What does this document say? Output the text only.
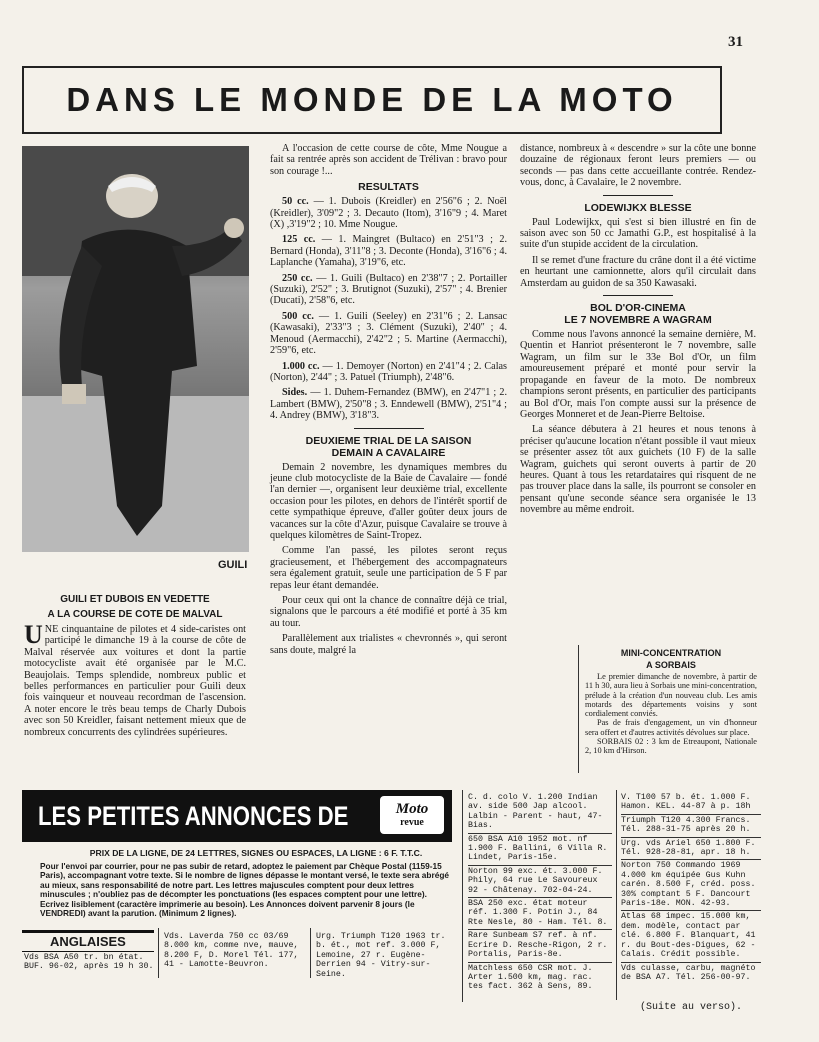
31
DANS LE MONDE DE LA MOTO
GUILI
GUILI ET DUBOIS EN VEDETTE
A LA COURSE DE COTE DE MALVAL

UNE cinquantaine de pilotes et 4 side-caristes ont participé le dimanche 19 à la course de côte de Malval réservée aux voitures et dont la partie motocycliste avait été organisée par le M.C. Beaujolais. Temps splendide, nombreux public et belles performances en particulier pour Guili deux fois vainqueur et nouveau recordman de l'ascension. A noter encore le très beau temps de Charly Dubois avec son 50 Kreidler, faisant nettement mieux que de nombreux concurrents des cylindrées supérieures.

A l'occasion de cette course de côte, Mme Nougue a fait sa rentrée après son accident de Trélivan : bravo pour son courage !...

RESULTATS

50 cc. — 1. Dubois (Kreidler) en 2'56"6 ; 2. Noël (Kreidler), 3'09"2 ; 3. Decauto (Itom), 3'16"9 ; 4. Maret (X) ,3'19"2 ; 10. Mme Nougue.

125 cc. — 1. Maingret (Bultaco) en 2'51"3 ; 2. Bernard (Honda), 3'11"8 ; 3. Deconte (Honda), 3'16"6 ; 4. Laplanche (Yamaha), 3'19"6, etc.

250 cc. — 1. Guili (Bultaco) en 2'38"7 ; 2. Portailler (Suzuki), 2'52" ; 3. Brutignot (Suzuki), 2'57" ; 4. Brenier (Ducati), 2'58"6, etc.

500 cc. — 1. Guili (Seeley) en 2'31"6 ; 2. Lansac (Kawasaki), 2'33"3 ; 3. Clément (Suzuki), 2'40" ; 4. Menoud (Aermacchi), 2'42"2 ; 5. Martine (Aermacchi), 2'59"6, etc.

1.000 cc. — 1. Demoyer (Norton) en 2'41"4 ; 2. Calas (Norton), 2'44" ; 3. Patuel (Triumph), 2'48"6.

Sides. — 1. Duhem-Fernandez (BMW), en 2'47"1 ; 2. Lambert (BMW), 2'50"8 ; 3. Enndewell (BMW), 2'51"4 ; 4. Andrey (BMW), 3'18"3.

DEUXIEME TRIAL DE LA SAISON
DEMAIN A CAVALAIRE

Demain 2 novembre, les dynamiques membres du jeune club motocycliste de la Baie de Cavalaire — fondé l'an dernier —, organisent leur deuxième trial, excellente occasion pour les pilotes, en dehors de l'intérêt sportif de cette sympathique épreuve, d'aller goûter deux jours de vacances sur la côte d'Azur, puisque Cavalaire se trouve à quelques kilomètres de Saint-Tropez.

Comme l'an passé, les pilotes seront reçus gracieusement, et l'hébergement des accompagnateurs sera également gratuit, seule une participation de 5 F par repas leur étant demandée.

Pour ceux qui ont la chance de connaître déjà ce trial, signalons que le parcours a été modifié et porté à 35 km au tour.

Parallèlement aux trialistes « chevronnés », qui seront sans doute, malgré la

distance, nombreux à « descendre » sur la côte une bonne douzaine de régionaux feront leurs premiers — ou seconds — pas dans cette accueillante contrée. Rendez-vous, donc, à Cavalaire, le 2 novembre.

LODEWIJKX BLESSE

Paul Lodewijkx, qui s'est si bien illustré en fin de saison avec son 50 cc Jamathi G.P., est hospitalisé à la suite d'un stupide accident de la circulation.

Il se remet d'une fracture du crâne dont il a été victime en heurtant une camionnette, alors qu'il circulait dans Amsterdam au guidon de sa 350 Kawasaki.

BOL D'OR-CINEMA
LE 7 NOVEMBRE A WAGRAM

Comme nous l'avons annoncé la semaine dernière, M. Quentin et Hanriot présenteront le 7 novembre, salle Wagram, un film sur le 33e Bol d'Or, un film amoureusement préparé et monté pour servir la propagande en faveur de la moto. De nombreux champions seront présents, en particulier des participants au Bol d'Or, mais l'on compte aussi sur la présence de Georges Monneret et de Jean-Pierre Beltoise.

La séance débutera à 21 heures et nous tenons à préciser qu'aucune location n'étant possible il vaut mieux se présenter assez tôt aux guichets (10 F) de la salle Wagram, guichets qui seront ouverts à partir de 20 heures. Quant à tous les retardataires qui risquent de ne pas trouver place dans la salle, ils pourront se consoler en pensant qu'une seconde séance sera organisée le 13 novembre au même endroit.

MINI-CONCENTRATION
A SORBAIS

Le premier dimanche de novembre, à partir de 11 h 30, aura lieu à Sorbais une mini-concentration, prélude à la création d'un nouveau club. Les amis motards des départements voisins y sont cordialement conviés.

Pas de frais d'engagement, un vin d'honneur sera offert et d'autres activités dévolues sur place.

SORBAIS 02 : 3 km de Etreaupont, Nationale 2, 10 km d'Hirson.

LES PETITES ANNONCES DE	Moto
revue
PRIX DE LA LIGNE, DE 24 LETTRES, SIGNES OU ESPACES, LA LIGNE : 6 F. T.T.C.
Pour l'envoi par courrier, pour ne pas subir de retard, adoptez le paiement par Chèque Postal (1159-15 Paris), accompagnant votre texte. Si le nombre de lignes dépasse le montant versé, le texte sera abrégé au mieux, sans responsabilité de notre part. Les lettres majuscules comptent pour deux lettres minuscules ; n'oubliez pas de décompter les ponctuations (les espaces comptent pour une lettre). Ecrivez lisiblement (caractère imprimerie au besoin). Les Annonces doivent parvenir 8 jours (le VENDREDI) avant la parution. (Minimum 2 lignes).
ANGLAISES

Vds BSA A50 tr. bn état. BUF. 96-02, après 19 h 30.

Vds. Laverda 750 cc 03/69 8.000 km, comme nve, mauve, 8.200 F, D. Morel Tél. 177, 41 - Lamotte-Beuvron.

Urg. Triumph T120 1963 tr. b. ét., mot ref. 3.000 F, Lemoine, 27 r. Eugène-Derrien 94 - Vitry-sur-Seine.

C. d. colo V. 1.200 Indian av. side 500 Jap alcool. Lalbin - Parent - haut, 47-Bias.
650 BSA A10 1952 mot. nf 1.900 F. Ballini, 6 Villa R. Lindet, Paris-15e.
Norton 99 exc. ét. 3.000 F. Phily, 64 rue Le Savoureux 92 - Châtenay. 702-04-24.
BSA 250 exc. état moteur réf. 1.300 F. Potin J., 84 Rte Nesle, 80 - Ham. Tél. 8.
Rare Sunbeam S7 ref. à nf. Ecrire D. Resche-Rigon, 2 r. Portalis, Paris-8e.
Matchless 650 CSR mot. J. Arter 1.500 km, mag. rac. tes fact. 362 à Sens, 89.
V. T100 57 b. ét. 1.000 F. Hamon. KEL. 44-87 à p. 18h
Triumph T120 4.300 Francs. Tél. 288-31-75 après 20 h.
Urg. vds Ariel 650 1.800 F. Tél. 928-28-81, apr. 18 h.
Norton 750 Commando 1969 4.000 km équipée Gus Kuhn carén. 8.500 F, créd. poss. 30% comptant 5 F. Dancourt Paris-18e. MON. 42-93.
Atlas 68 impec. 15.000 km, dem. modèle, contact par clé. 6.800 F. Blanquart, 41 r. du Bout-des-Digues, 62 - Calais. Crédit possible.
Vds culasse, carbu, magnéto de BSA A7. Tél. 256-00-97.
(Suite au verso).
